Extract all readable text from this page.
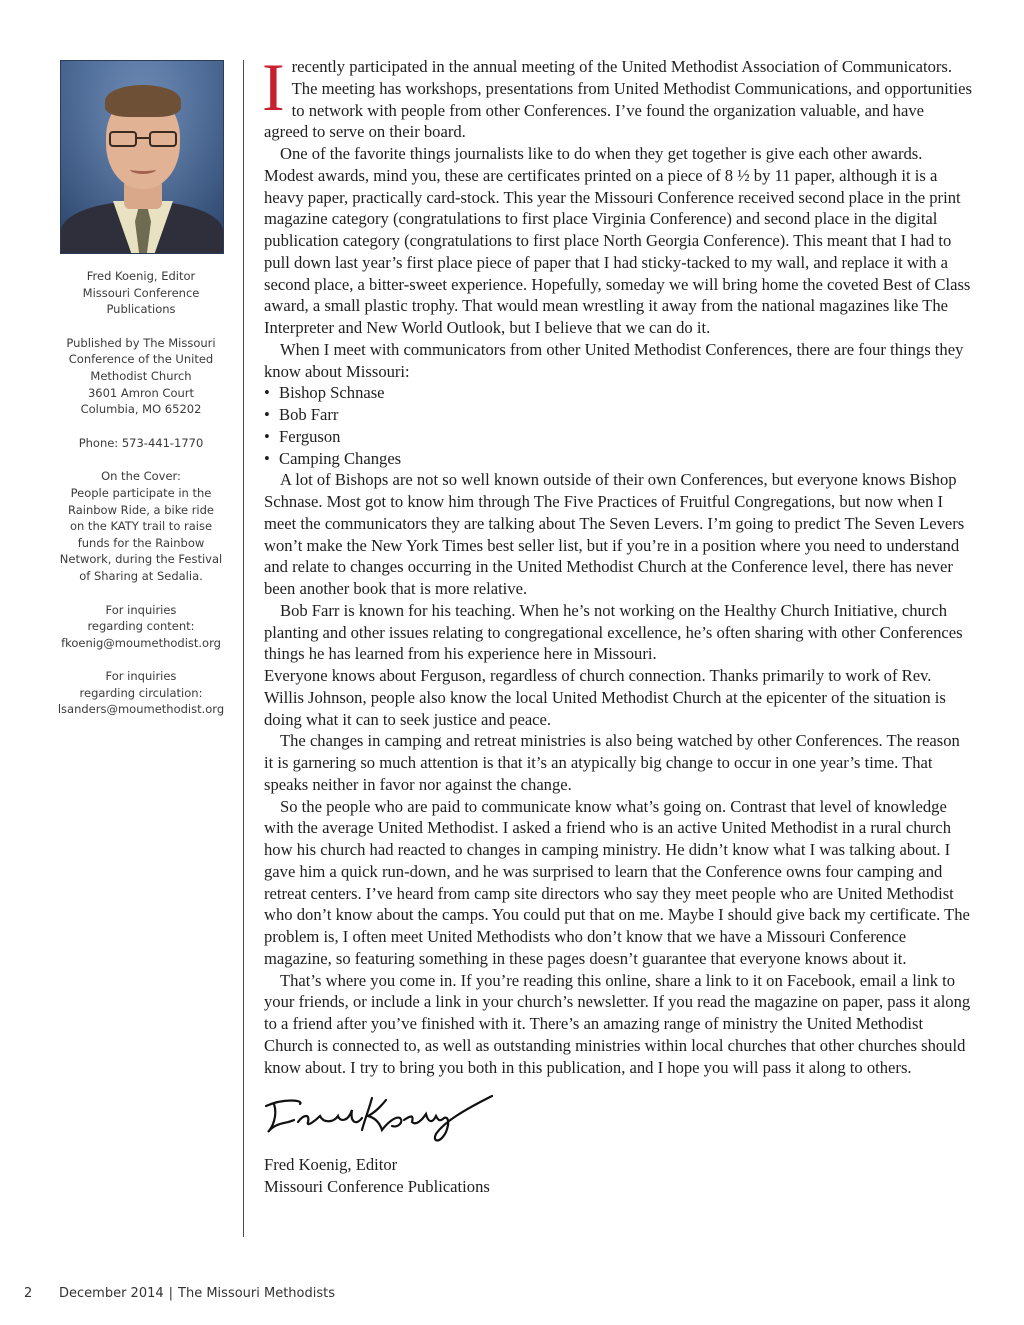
Fred Koenig, Editor
Missouri Conference
Publications

Published by The Missouri
Conference of the United
Methodist Church
3601 Amron Court
Columbia, MO 65202

Phone: 573-441-1770

On the Cover:
People participate in the
Rainbow Ride, a bike ride
on the KATY trail to raise
funds for the Rainbow
Network, during the Festival
of Sharing at Sedalia.

For inquiries
regarding content:
fkoenig@moumethodist.org

For inquiries
regarding circulation:
lsanders@moumethodist.org

I recently participated in the annual meeting of the United Methodist Association of Communicators. The meeting has workshops, presentations from United Methodist Communications, and opportunities to network with people from other Conferences. I’ve found the organization valuable, and have agreed to serve on their board.

One of the favorite things journalists like to do when they get together is give each other awards. Modest awards, mind you, these are certificates printed on a piece of 8 ½ by 11 paper, although it is a heavy paper, practically card-stock. This year the Missouri Conference received second place in the print magazine category (congratulations to first place Virginia Conference) and second place in the digital publication category (congratulations to first place North Georgia Conference). This meant that I had to pull down last year’s first place piece of paper that I had sticky-tacked to my wall, and replace it with a second place, a bitter-sweet experience. Hopefully, someday we will bring home the coveted Best of Class award, a small plastic trophy. That would mean wrestling it away from the national magazines like The Interpreter and New World Outlook, but I believe that we can do it.

When I meet with communicators from other United Methodist Conferences, there are four things they know about Missouri:

• Bishop Schnase
• Bob Farr
• Ferguson
• Camping Changes

A lot of Bishops are not so well known outside of their own Conferences, but everyone knows Bishop Schnase. Most got to know him through The Five Practices of Fruitful Congregations, but now when I meet the communicators they are talking about The Seven Levers. I’m going to predict The Seven Levers won’t make the New York Times best seller list, but if you’re in a position where you need to understand and relate to changes occurring in the United Methodist Church at the Conference level, there has never been another book that is more relative.

Bob Farr is known for his teaching. When he’s not working on the Healthy Church Initiative, church planting and other issues relating to congregational excellence, he’s often sharing with other Conferences things he has learned from his experience here in Missouri.

Everyone knows about Ferguson, regardless of church connection. Thanks primarily to work of Rev. Willis Johnson, people also know the local United Methodist Church at the epicenter of the situation is doing what it can to seek justice and peace.

The changes in camping and retreat ministries is also being watched by other Conferences. The reason it is garnering so much attention is that it’s an atypically big change to occur in one year’s time. That speaks neither in favor nor against the change.

So the people who are paid to communicate know what’s going on. Contrast that level of knowledge with the average United Methodist. I asked a friend who is an active United Methodist in a rural church how his church had reacted to changes in camping ministry. He didn’t know what I was talking about. I gave him a quick run-down, and he was surprised to learn that the Conference owns four camping and retreat centers. I’ve heard from camp site directors who say they meet people who are United Methodist who don’t know about the camps. You could put that on me. Maybe I should give back my certificate. The problem is, I often meet United Methodists who don’t know that we have a Missouri Conference magazine, so featuring something in these pages doesn’t guarantee that everyone knows about it.

That’s where you come in. If you’re reading this online, share a link to it on Facebook, email a link to your friends, or include a link in your church’s newsletter. If you read the magazine on paper, pass it along to a friend after you’ve finished with it. There’s an amazing range of ministry the United Methodist Church is connected to, as well as outstanding ministries within local churches that other churches should know about. I try to bring you both in this publication, and I hope you will pass it along to others.

Fred Koenig, Editor
Missouri Conference Publications
2 December 2014 | The Missouri Methodists
